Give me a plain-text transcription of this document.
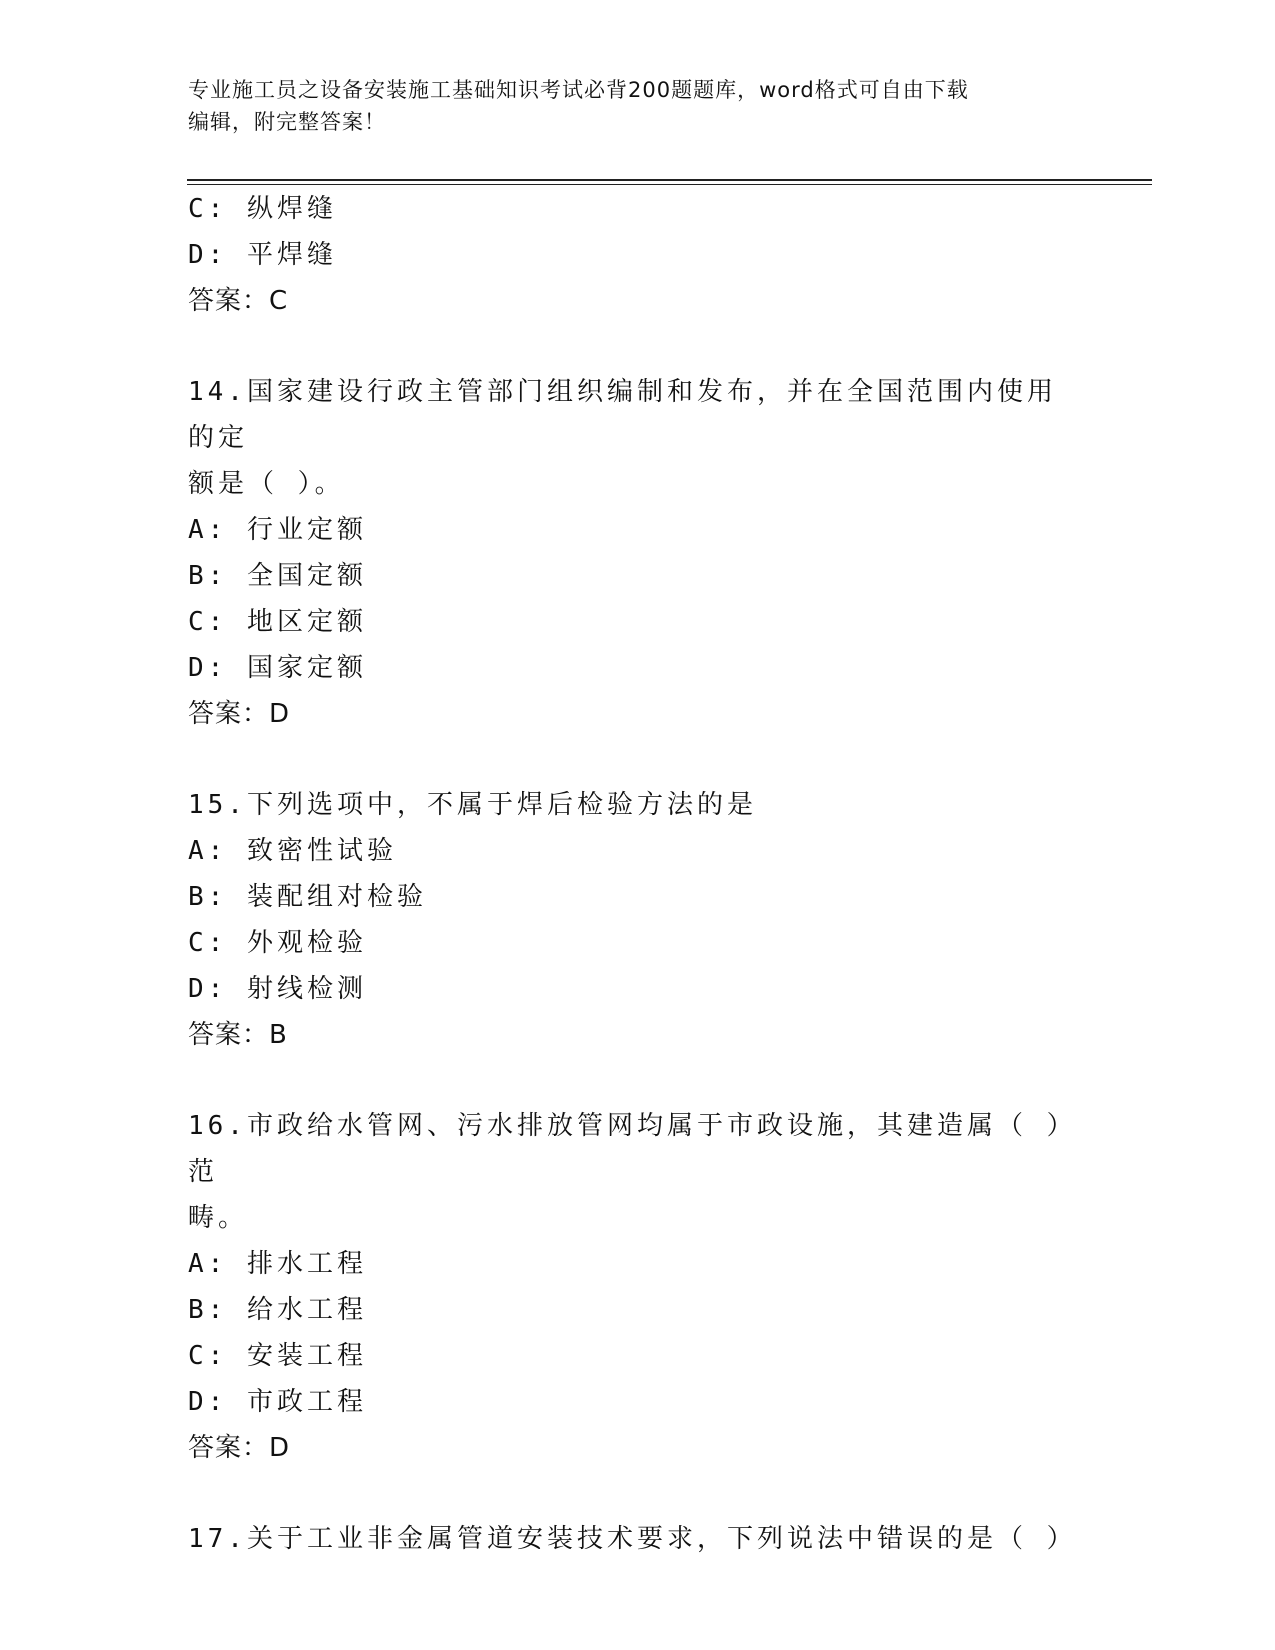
专业施工员之设备安装施工基础知识考试必背200题题库，word格式可自由下载
编辑，附完整答案！
C: 纵焊缝
D: 平焊缝
答案：C
14.国家建设行政主管部门组织编制和发布，并在全国范围内使用的定
额是（ ）。
A: 行业定额
B: 全国定额
C: 地区定额
D: 国家定额
答案：D
15.下列选项中，不属于焊后检验方法的是
A: 致密性试验
B: 装配组对检验
C: 外观检验
D: 射线检测
答案：B
16.市政给水管网、污水排放管网均属于市政设施，其建造属（ ）范
畴。
A: 排水工程
B: 给水工程
C: 安装工程
D: 市政工程
答案：D
17.关于工业非金属管道安装技术要求，下列说法中错误的是（ ）
